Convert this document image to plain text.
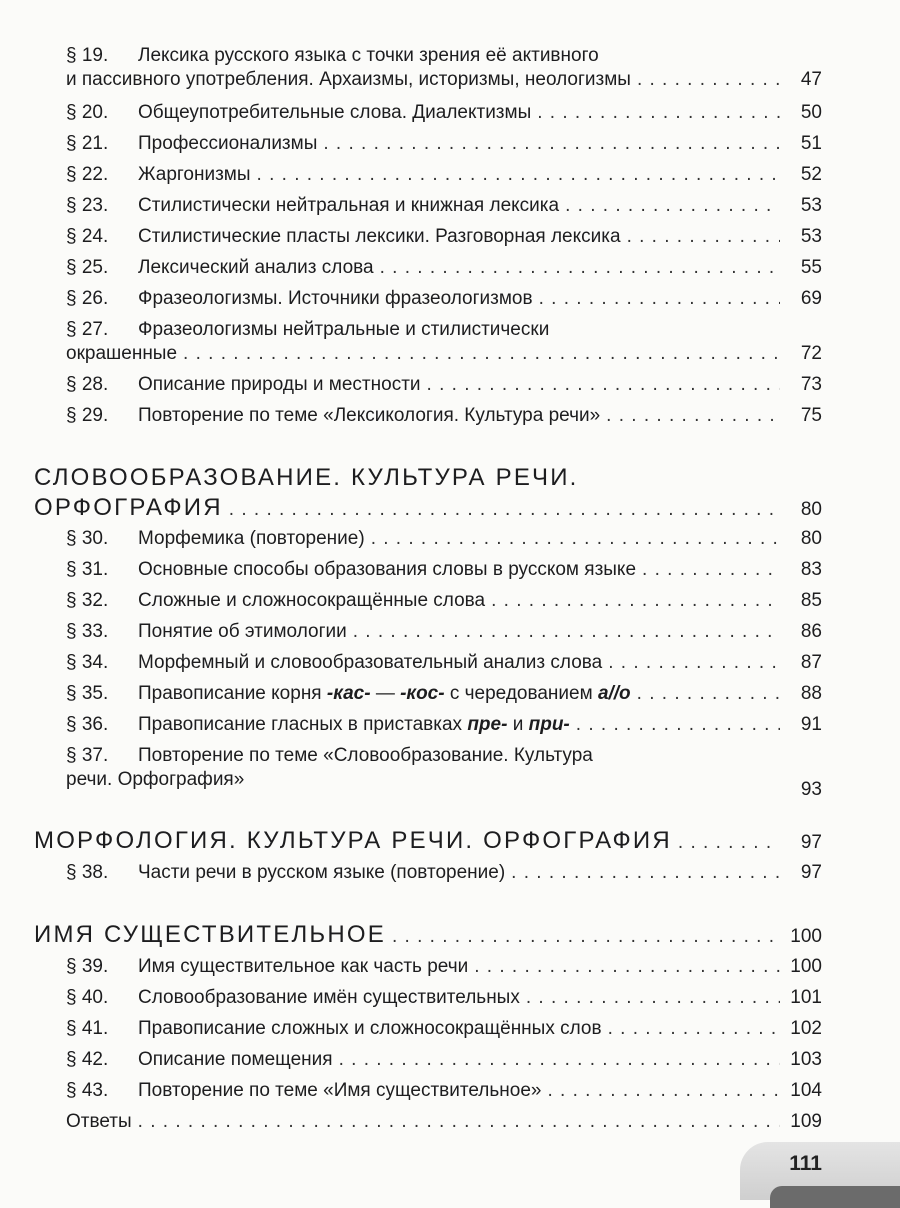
§ 19.	Лексика русского языка с точки зрения её активного
и пассивного употребления. Архаизмы, историзмы, неологизмы . . .	47
§ 20.	Общеупотребительные слова. Диалектизмы . . .	50
§ 21.	Профессионализмы . . .	51
§ 22.	Жаргонизмы . . .	52
§ 23.	Стилистически нейтральная и книжная лексика . . .	53
§ 24.	Стилистические пласты лексики. Разговорная лексика . . .	53
§ 25.	Лексический анализ слова . . .	55
§ 26.	Фразеологизмы. Источники фразеологизмов . . .	69
§ 27.	Фразеологизмы нейтральные и стилистически
окрашенные . . .	72
§ 28.	Описание природы и местности . . .	73
§ 29.	Повторение по теме «Лексикология. Культура речи» . . .	75
СЛОВООБРАЗОВАНИЕ. КУЛЬТУРА РЕЧИ.
ОРФОГРАФИЯ . . .	80
§ 30.	Морфемика (повторение) . . .	80
§ 31.	Основные способы образования словы в русском языке . . .	83
§ 32.	Сложные и сложносокращённые слова . . .	85
§ 33.	Понятие об этимологии . . .	86
§ 34.	Морфемный и словообразовательный анализ слова . . .	87
§ 35.	Правописание корня -кас- — -кос- с чередованием а//о . . .	88
§ 36.	Правописание гласных в приставках пре- и при- . . .	91
§ 37.	Повторение по теме «Словообразование. Культура
речи. Орфография»	93
МОРФОЛОГИЯ. КУЛЬТУРА РЕЧИ. ОРФОГРАФИЯ . . .	97
§ 38.	Части речи в русском языке (повторение) . . .	97
ИМЯ СУЩЕСТВИТЕЛЬНОЕ . . .	100
§ 39.	Имя существительное как часть речи . . .	100
§ 40.	Словообразование имён существительных . . .	101
§ 41.	Правописание сложных и сложносокращённых слов . . .	102
§ 42.	Описание помещения . . .	103
§ 43.	Повторение по теме «Имя существительное» . . .	104
Ответы . . .	109
111
